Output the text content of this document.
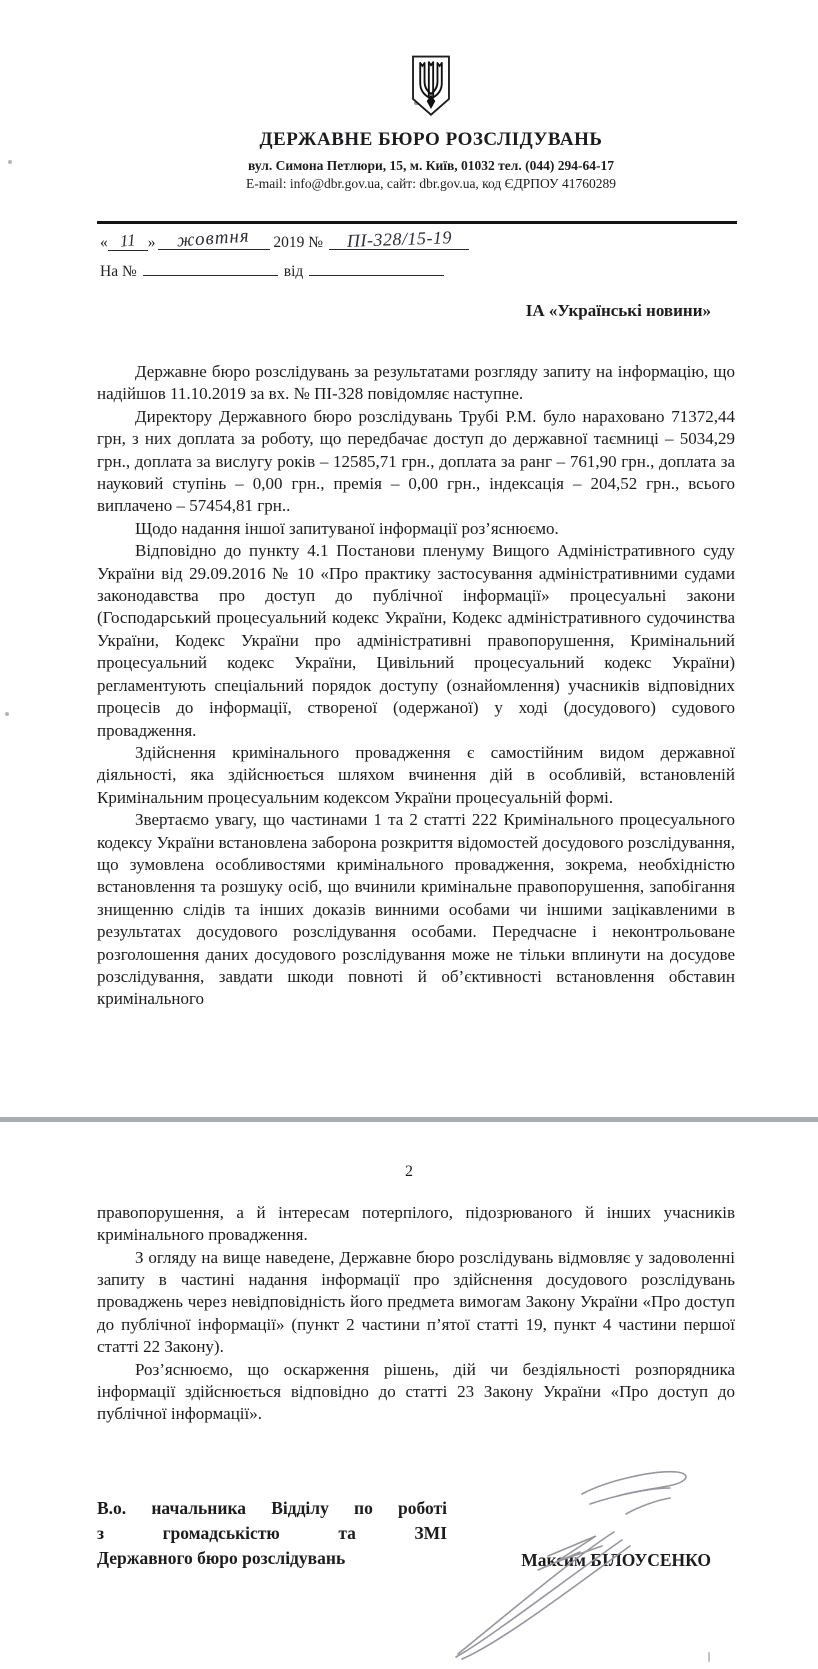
ДЕРЖАВНЕ БЮРО РОЗСЛІДУВАНЬ
вул. Симона Петлюри, 15, м. Київ, 01032 тел. (044) 294-64-17
E-mail: info@dbr.gov.ua, сайт: dbr.gov.ua, код ЄДРПОУ 41760289
« 11 » жовтня 2019 № ПІ-328/15-19
На №	від
ІА «Українські новини»

Державне бюро розслідувань за результатами розгляду запиту на інформацію, що надійшов 11.10.2019 за вх. № ПІ-328 повідомляє наступне.

Директору Державного бюро розслідувань Трубі Р.М. було нараховано 71372,44 грн, з них доплата за роботу, що передбачає доступ до державної таємниці – 5034,29 грн., доплата за вислугу років – 12585,71 грн., доплата за ранг – 761,90 грн., доплата за науковий ступінь – 0,00 грн., премія – 0,00 грн., індексація – 204,52 грн., всього виплачено – 57454,81 грн..

Щодо надання іншої запитуваної інформації роз’яснюємо.

Відповідно до пункту 4.1 Постанови пленуму Вищого Адміністративного суду України від 29.09.2016 № 10 «Про практику застосування адміністративними судами законодавства про доступ до публічної інформації» процесуальні закони (Господарський процесуальний кодекс України, Кодекс адміністративного судочинства України, Кодекс України про адміністративні правопорушення, Кримінальний процесуальний кодекс України, Цивільний процесуальний кодекс України) регламентують спеціальний порядок доступу (ознайомлення) учасників відповідних процесів до інформації, створеної (одержаної) у ході (досудового) судового провадження.

Здійснення кримінального провадження є самостійним видом державної діяльності, яка здійснюється шляхом вчинення дій в особливій, встановленій Кримінальним процесуальним кодексом України процесуальній формі.

Звертаємо увагу, що частинами 1 та 2 статті 222 Кримінального процесуального кодексу України встановлена заборона розкриття відомостей досудового розслідування, що зумовлена особливостями кримінального провадження, зокрема, необхідністю встановлення та розшуку осіб, що вчинили кримінальне правопорушення, запобігання знищенню слідів та інших доказів винними особами чи іншими зацікавленими в результатах досудового розслідування особами. Передчасне і неконтрольоване розголошення даних досудового розслідування може не тільки вплинути на досудове розслідування, завдати шкоди повноті й об’єктивності встановлення обставин кримінального

2

правопорушення, а й інтересам потерпілого, підозрюваного й інших учасників кримінального провадження.

З огляду на вище наведене, Державне бюро розслідувань відмовляє у задоволенні запиту в частині надання інформації про здійснення досудового розслідувань проваджень через невідповідність його предмета вимогам Закону України «Про доступ до публічної інформації» (пункт 2 частини п’ятої статті 19, пункт 4 частини першої статті 22 Закону).

Роз’яснюємо, що оскарження рішень, дій чи бездіяльності розпорядника інформації здійснюється відповідно до статті 23 Закону України «Про доступ до публічної інформації».

В.о. начальника Відділу по роботі
з громадськістю та ЗМІ
Державного бюро розслідувань	Максим БІЛОУСЕНКО
